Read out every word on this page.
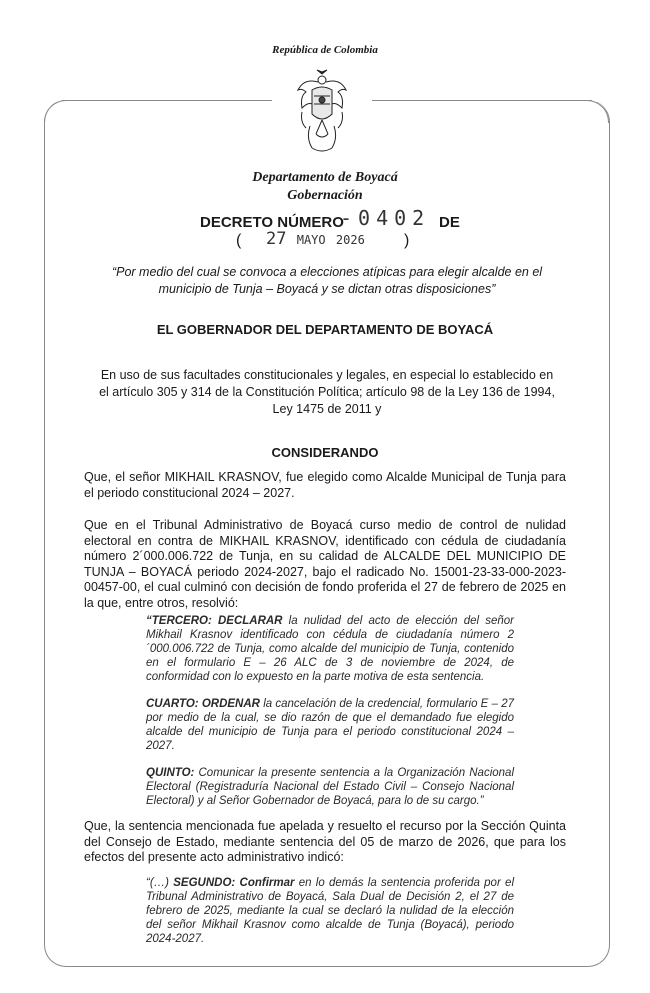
República de Colombia
Departamento de Boyacá
Gobernación
DECRETO NÚMERO
-0402 DE
( 27 MAYO 2026 )
“Por medio del cual se convoca a elecciones atípicas para elegir alcalde en el municipio de Tunja – Boyacá y se dictan otras disposiciones”
EL GOBERNADOR DEL DEPARTAMENTO DE BOYACÁ
En uso de sus facultades constitucionales y legales, en especial lo establecido en el artículo 305 y 314 de la Constitución Política; artículo 98 de la Ley 136 de 1994, Ley 1475 de 2011 y
CONSIDERANDO
Que, el señor MIKHAIL KRASNOV, fue elegido como Alcalde Municipal de Tunja para el periodo constitucional 2024 – 2027.
Que en el Tribunal Administrativo de Boyacá curso medio de control de nulidad electoral en contra de MIKHAIL KRASNOV, identificado con cédula de ciudadanía número 2´000.006.722 de Tunja, en su calidad de ALCALDE DEL MUNICIPIO DE TUNJA – BOYACÁ periodo 2024-2027, bajo el radicado No. 15001-23-33-000-2023-00457-00, el cual culminó con decisión de fondo proferida el 27 de febrero de 2025 en la que, entre otros, resolvió:
“TERCERO: DECLARAR la nulidad del acto de elección del señor Mikhail Krasnov identificado con cédula de ciudadanía número 2´000.006.722 de Tunja, como alcalde del municipio de Tunja, contenido en el formulario E – 26 ALC de 3 de noviembre de 2024, de conformidad con lo expuesto en la parte motiva de esta sentencia.
CUARTO: ORDENAR la cancelación de la credencial, formulario E – 27 por medio de la cual, se dio razón de que el demandado fue elegido alcalde del municipio de Tunja para el periodo constitucional 2024 – 2027.
QUINTO: Comunicar la presente sentencia a la Organización Nacional Electoral (Registraduría Nacional del Estado Civil – Consejo Nacional Electoral) y al Señor Gobernador de Boyacá, para lo de su cargo.”
Que, la sentencia mencionada fue apelada y resuelto el recurso por la Sección Quinta del Consejo de Estado, mediante sentencia del 05 de marzo de 2026, que para los efectos del presente acto administrativo indicó:
“(…) SEGUNDO: Confirmar en lo demás la sentencia proferida por el Tribunal Administrativo de Boyacá, Sala Dual de Decisión 2, el 27 de febrero de 2025, mediante la cual se declaró la nulidad de la elección del señor Mikhail Krasnov como alcalde de Tunja (Boyacá), periodo 2024-2027.
